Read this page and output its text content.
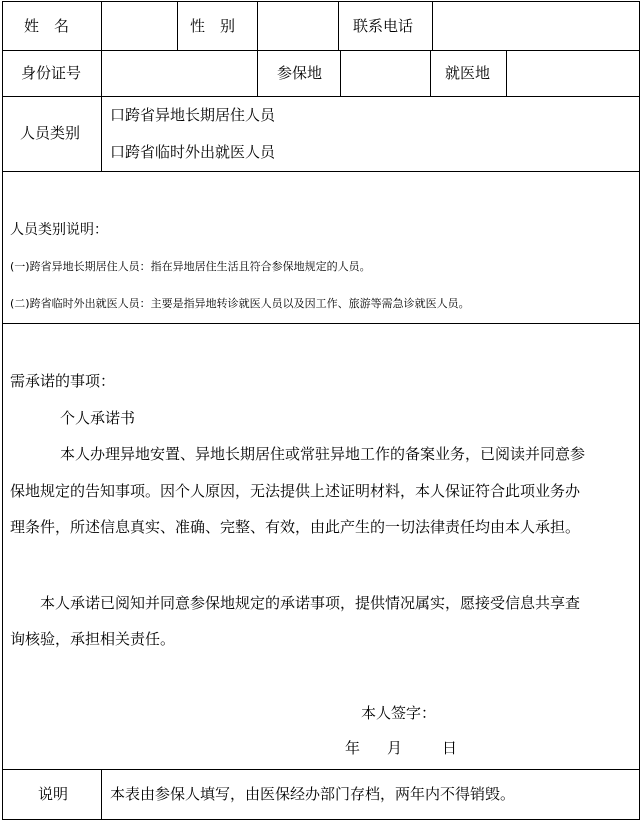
姓　名	性　别	联系电话
身份证号	参保地	就医地
人员类别
口跨省异地长期居住人员
口跨省临时外出就医人员
人员类别说明：
(一)跨省异地长期居住人员：指在异地居住生活且符合参保地规定的人员。
(二)跨省临时外出就医人员：主要是指异地转诊就医人员以及因工作、旅游等需急诊就医人员。
需承诺的事项：
个人承诺书
本人办理异地安置、异地长期居住或常驻异地工作的备案业务，已阅读并同意参
保地规定的告知事项。因个人原因，无法提供上述证明材料，本人保证符合此项业务办
理条件，所述信息真实、准确、完整、有效，由此产生的一切法律责任均由本人承担。
本人承诺已阅知并同意参保地规定的承诺事项，提供情况属实，愿接受信息共享查
询核验，承担相关责任。
本人签字：
年 月	日
说明	本表由参保人填写，由医保经办部门存档，两年内不得销毁。
